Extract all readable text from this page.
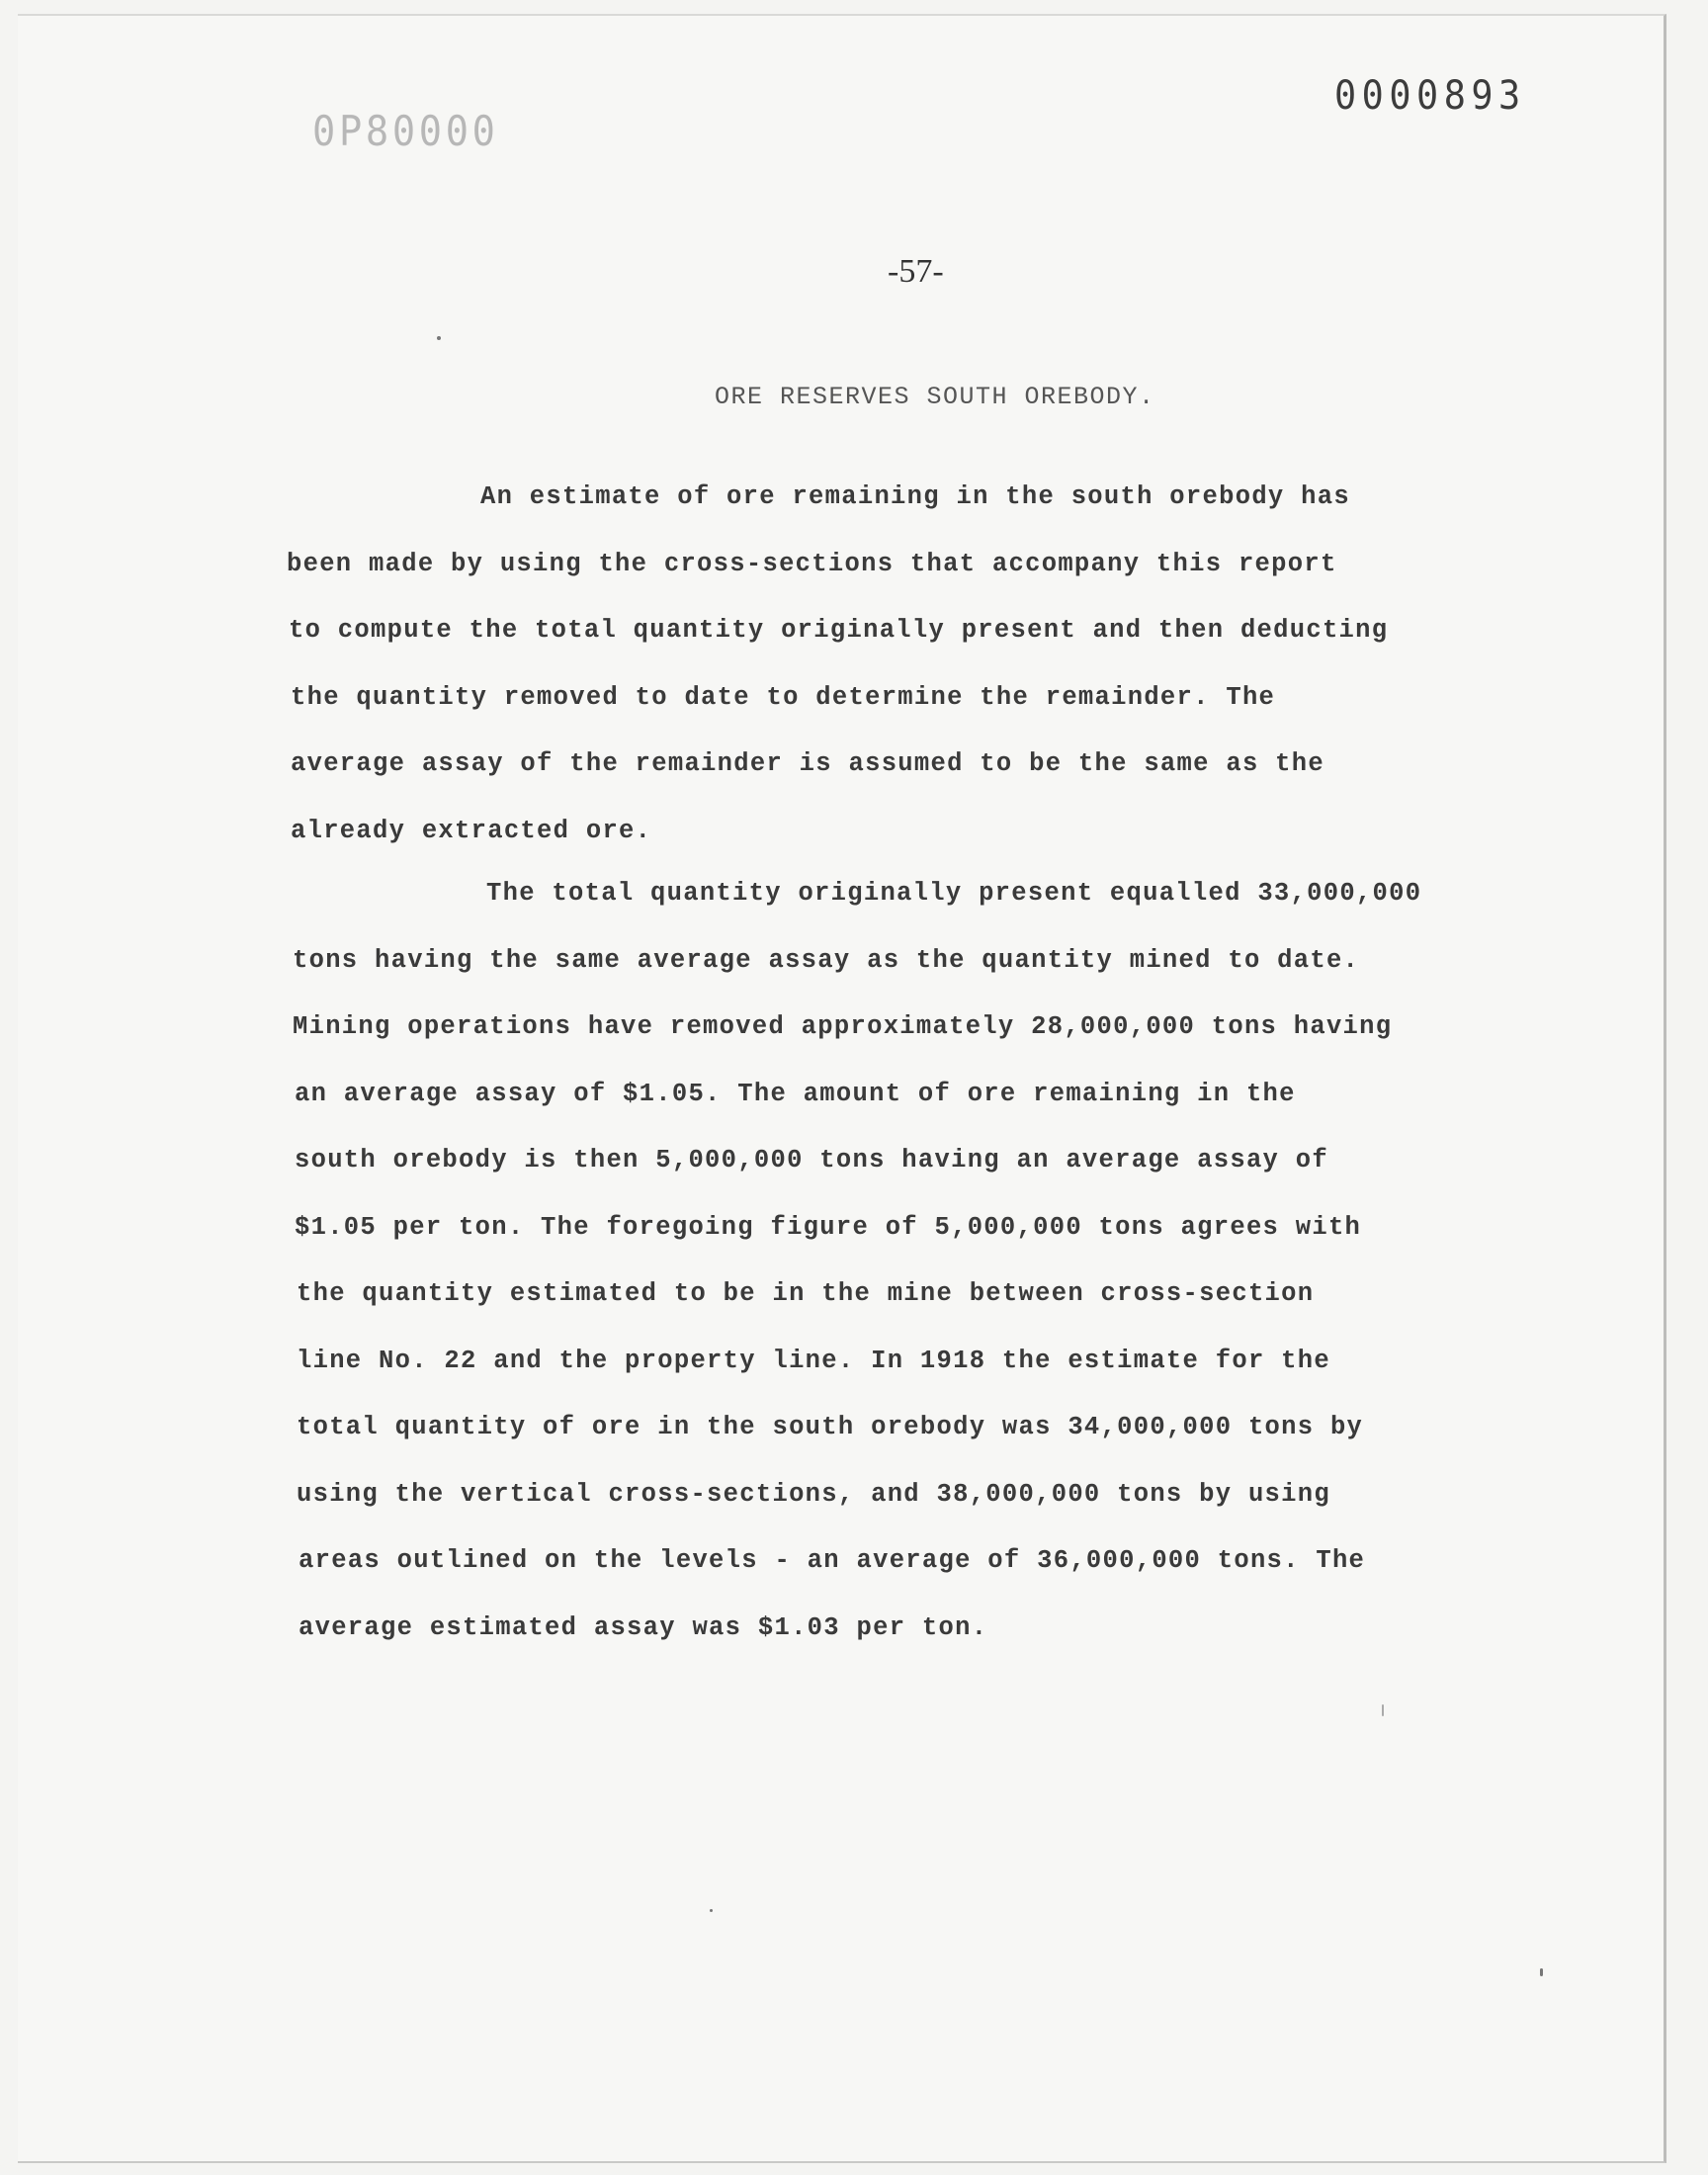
0P80000
0000893
-57-
ORE RESERVES SOUTH OREBODY.
An estimate of ore remaining in the south orebody has
been made by using the cross-sections that accompany this report
to compute the total quantity originally present and then deducting
the quantity removed to date to determine the remainder. The
average assay of the remainder is assumed to be the same as the
already extracted ore.
The total quantity originally present equalled 33,000,000
tons having the same average assay as the quantity mined to date.
Mining operations have removed approximately 28,000,000 tons having
an average assay of $1.05. The amount of ore remaining in the
south orebody is then 5,000,000 tons having an average assay of
$1.05 per ton. The foregoing figure of 5,000,000 tons agrees with
the quantity estimated to be in the mine between cross-section
line No. 22 and the property line. In 1918 the estimate for the
total quantity of ore in the south orebody was 34,000,000 tons by
using the vertical cross-sections, and 38,000,000 tons by using
areas outlined on the levels - an average of 36,000,000 tons. The
average estimated assay was $1.03 per ton.
